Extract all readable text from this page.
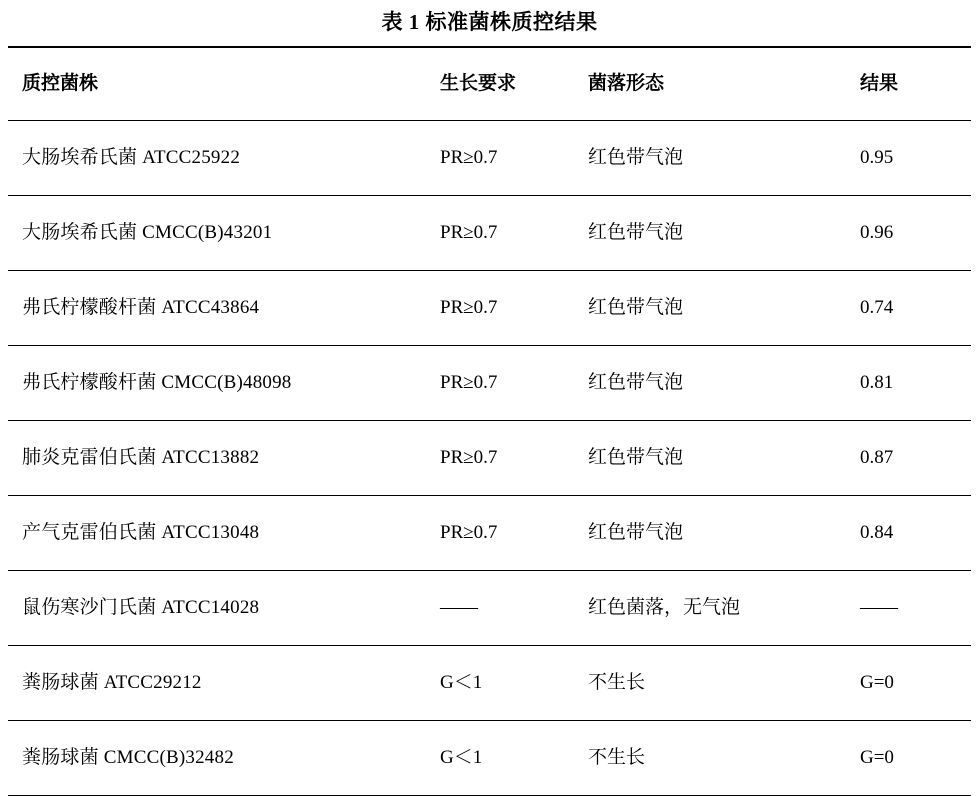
表 1 标准菌株质控结果
质控菌株	生长要求	菌落形态	结果
大肠埃希氏菌 ATCC25922	PR≥0.7	红色带气泡	0.95
大肠埃希氏菌 CMCC(B)43201	PR≥0.7	红色带气泡	0.96
弗氏柠檬酸杆菌 ATCC43864	PR≥0.7	红色带气泡	0.74
弗氏柠檬酸杆菌 CMCC(B)48098	PR≥0.7	红色带气泡	0.81
肺炎克雷伯氏菌 ATCC13882	PR≥0.7	红色带气泡	0.87
产气克雷伯氏菌 ATCC13048	PR≥0.7	红色带气泡	0.84
鼠伤寒沙门氏菌 ATCC14028	——	红色菌落，无气泡	——
粪肠球菌 ATCC29212	G＜1	不生长	G=0
粪肠球菌 CMCC(B)32482	G＜1	不生长	G=0
